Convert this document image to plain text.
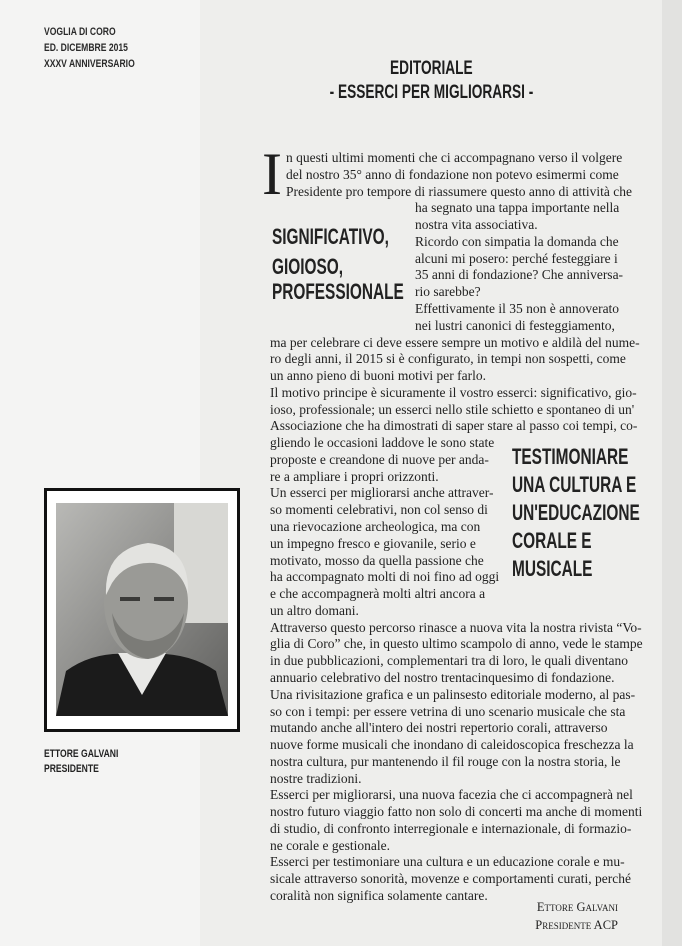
VOGLIA DI CORO
ED. DICEMBRE 2015
XXXV ANNIVERSARIO	EDITORIALE
- ESSERCI PER MIGLIORARSI -
I
SIGNIFICATIVO,
GIOIOSO,
PROFESSIONALE
TESTIMONIARE
UNA CULTURA E
UN'EDUCAZIONE
CORALE E
MUSICALE
ETTORE GALVANI
PRESIDENTE
n questi ultimi momenti che ci accompagnano verso il volgere
del nostro 35° anno di fondazione non potevo esimermi come
Presidente pro tempore di riassumere questo anno di attività che
ha segnato una tappa importante nella
nostra vita associativa.
Ricordo con simpatia la domanda che
alcuni mi posero: perché festeggiare i
35 anni di fondazione? Che anniversa-
rio sarebbe?
Effettivamente il 35 non è annoverato
nei lustri canonici di festeggiamento,
ma per celebrare ci deve essere sempre un motivo e aldilà del nume-
ro degli anni, il 2015 si è configurato, in tempi non sospetti, come
un anno pieno di buoni motivi per farlo.
Il motivo principe è sicuramente il vostro esserci: significativo, gio-
ioso, professionale; un esserci nello stile schietto e spontaneo di un'
Associazione che ha dimostrati di saper stare al passo coi tempi, co-
gliendo le occasioni laddove le sono state
proposte e creandone di nuove per anda-
re a ampliare i propri orizzonti.
Un esserci per migliorarsi anche attraver-
so momenti celebrativi, non col senso di
una rievocazione archeologica, ma con
un impegno fresco e giovanile, serio e
motivato, mosso da quella passione che
ha accompagnato molti di noi fino ad oggi
e che accompagnerà molti altri ancora a
un altro domani.
Attraverso questo percorso rinasce a nuova vita la nostra rivista “Vo-
glia di Coro” che, in questo ultimo scampolo di anno, vede le stampe
in due pubblicazioni, complementari tra di loro, le quali diventano
annuario celebrativo del nostro trentacinquesimo di fondazione.
Una rivisitazione grafica e un palinsesto editoriale moderno, al pas-
so con i tempi: per essere vetrina di uno scenario musicale che sta
mutando anche all'intero dei nostri repertorio corali, attraverso
nuove forme musicali che inondano di caleidoscopica freschezza la
nostra cultura, pur mantenendo il fil rouge con la nostra storia, le
nostre tradizioni.
Esserci per migliorarsi, una nuova facezia che ci accompagnerà nel
nostro futuro viaggio fatto non solo di concerti ma anche di momenti
di studio, di confronto interregionale e internazionale, di formazio-
ne corale e gestionale.
Esserci per testimoniare una cultura e un educazione corale e mu-
sicale attraverso sonorità, movenze e comportamenti curati, perché
coralità non significa solamente cantare.
Ettore Galvani
Presidente ACP
